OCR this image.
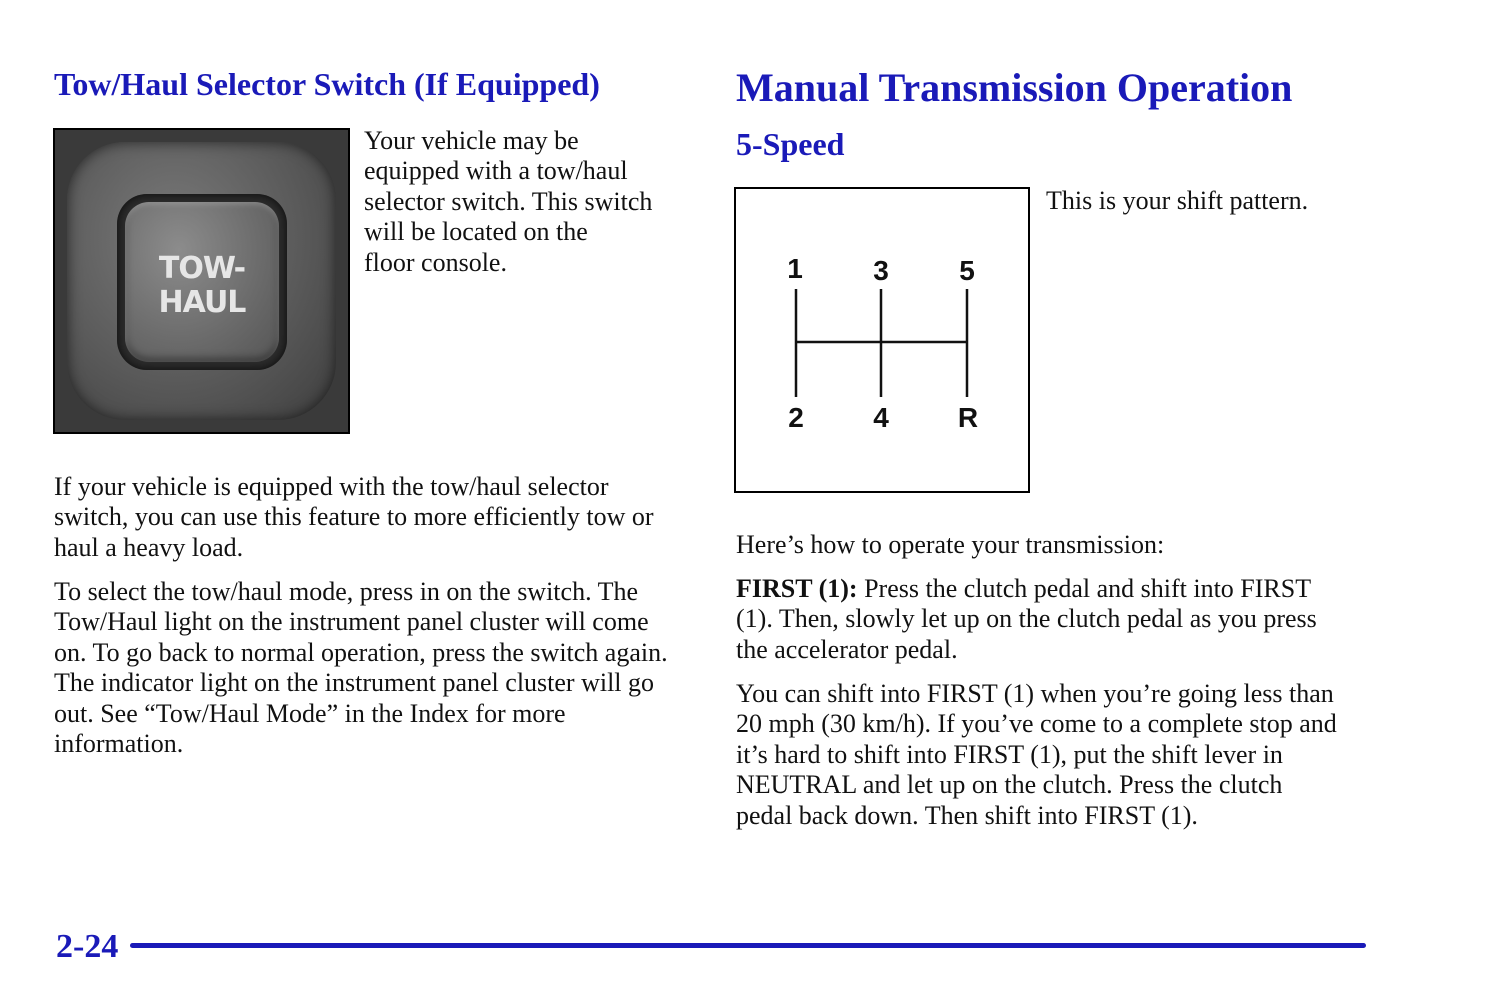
Tow/Haul Selector Switch (If Equipped)
TOW-
HAUL
Your vehicle may be
equipped with a tow/haul
selector switch. This switch
will be located on the
floor console.

If your vehicle is equipped with the tow/haul selector switch, you can use this feature to more efficiently tow or haul a heavy load.

To select the tow/haul mode, press in on the switch. The Tow/Haul light on the instrument panel cluster will come on. To go back to normal operation, press the switch again. The indicator light on the instrument panel cluster will go out. See “Tow/Haul Mode” in the Index for more information.

Manual Transmission Operation
5-Speed
1	3	5
2 4 R

This is your shift pattern.

Here’s how to operate your transmission:

FIRST (1): Press the clutch pedal and shift into FIRST (1). Then, slowly let up on the clutch pedal as you press the accelerator pedal.

You can shift into FIRST (1) when you’re going less than 20 mph (30 km/h). If you’ve come to a complete stop and it’s hard to shift into FIRST (1), put the shift lever in NEUTRAL and let up on the clutch. Press the clutch pedal back down. Then shift into FIRST (1).

2-24
